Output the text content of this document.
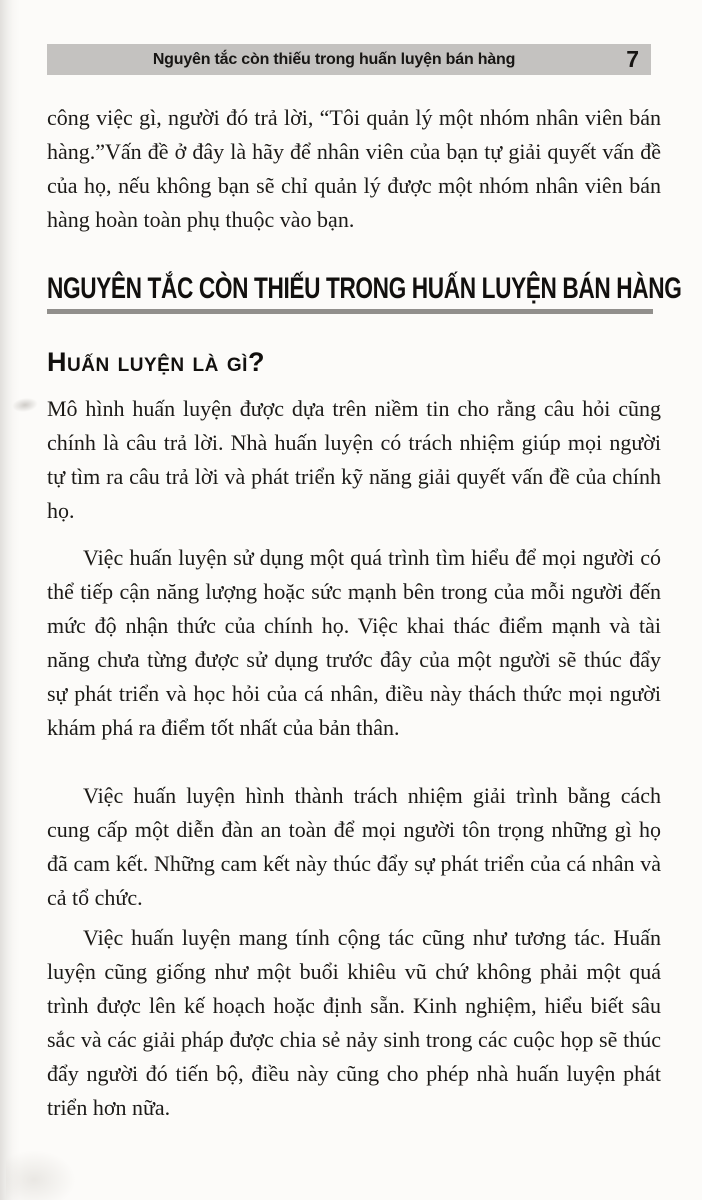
Nguyên tắc còn thiếu trong huấn luyện bán hàng	7

công việc gì, người đó trả lời, “Tôi quản lý một nhóm nhân viên bán hàng.”Vấn đề ở đây là hãy để nhân viên của bạn tự giải quyết vấn đề của họ, nếu không bạn sẽ chỉ quản lý được một nhóm nhân viên bán hàng hoàn toàn phụ thuộc vào bạn.

NGUYÊN TẮC CÒN THIẾU TRONG HUẤN LUYỆN BÁN HÀNG
Huấn luyện là gì?

Mô hình huấn luyện được dựa trên niềm tin cho rằng câu hỏi cũng chính là câu trả lời. Nhà huấn luyện có trách nhiệm giúp mọi người tự tìm ra câu trả lời và phát triển kỹ năng giải quyết vấn đề của chính họ.

Việc huấn luyện sử dụng một quá trình tìm hiểu để mọi người có thể tiếp cận năng lượng hoặc sức mạnh bên trong của mỗi người đến mức độ nhận thức của chính họ. Việc khai thác điểm mạnh và tài năng chưa từng được sử dụng trước đây của một người sẽ thúc đẩy sự phát triển và học hỏi của cá nhân, điều này thách thức mọi người khám phá ra điểm tốt nhất của bản thân.

Việc huấn luyện hình thành trách nhiệm giải trình bằng cách cung cấp một diễn đàn an toàn để mọi người tôn trọng những gì họ đã cam kết. Những cam kết này thúc đẩy sự phát triển của cá nhân và cả tổ chức.

Việc huấn luyện mang tính cộng tác cũng như tương tác. Huấn luyện cũng giống như một buổi khiêu vũ chứ không phải một quá trình được lên kế hoạch hoặc định sẵn. Kinh nghiệm, hiểu biết sâu sắc và các giải pháp được chia sẻ nảy sinh trong các cuộc họp sẽ thúc đẩy người đó tiến bộ, điều này cũng cho phép nhà huấn luyện phát triển hơn nữa.
